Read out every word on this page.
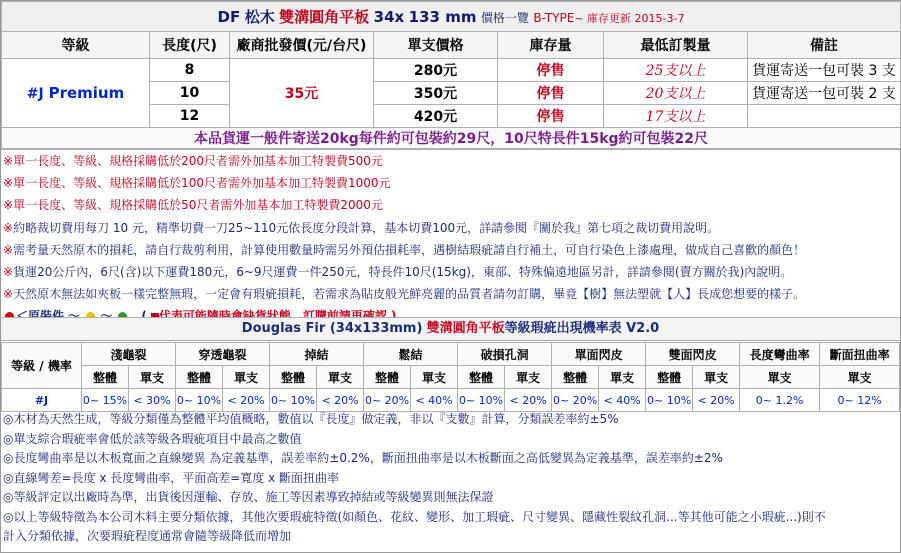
DF 松木 雙溝圓角平板 34x 133 mm 價格一覽 B-TYPE~ 庫存更新 2015-3-7						
等級	長度(尺)	廠商批發價(元/台尺)	單支價格	庫存量	最低訂製量	備註
#J Premium	8	35元	280元	停售	25支以上	貨運寄送一包可裝 3 支
	10		350元	停售	20支以上	貨運寄送一包可裝 2 支
	12		420元	停售	17支以上	
本品貨運一般件寄送20kg每件約可包裝約29尺，10尺特長件15kg約可包裝22尺						
※單一長度、等級、規格採購低於200尺者需外加基本加工特製費500元
※單一長度、等級、規格採購低於100尺者需外加基本加工特製費1000元
※單一長度、等級、規格採購低於50尺者需外加基本加工特製費2000元
※約略裁切費用每刀 10 元，精準切費一刀25~110元依長度分段計算，基本切費100元，詳請參閱『關於我』第七項之裁切費用說明。
※需考量天然原木的損耗，請自行裁剪利用，計算使用數量時需另外預估損耗率，遇樹結瑕疵請自行補土，可自行染色上漆處理，做成自己喜歡的顏色！
※貨運20公斤內，6尺(含)以下運費180元，6~9尺運費一件250元，特長件10尺(15kg)，東部、特殊偏遠地區另計，詳請參閱(賣方關於我)內說明。
※天然原木無法如夾板一樣完整無瑕，一定會有瑕疵損耗，若需求為貼皮般光鮮亮麗的品質者請勿訂購，畢竟【樹】無法塑就【人】長成您想要的樣子。

Douglas Fir (34x133mm) 雙溝圓角平板等級瑕疵出現機率表 V2.0
等級 / 機率	淺龜裂		穿透龜裂		掉結		鬆結		破損孔洞		單面閃皮		雙面閃皮		長度彎曲率	斷面扭曲率
	整體	單支	整體	單支	整體	單支	整體	單支	整體	單支	整體	單支	整體	單支	單支	單支
#J	0~ 15%	< 30%	0~ 10%	< 20%	0~ 10%	< 20%	0~ 20%	< 40%	0~ 10%	< 20%	0~ 20%	< 40%	0~ 10%	< 20%	0~ 1.2%	0~ 12%
◎木材為天然生成，等級分類僅為整體平均值概略，數值以『長度』做定義，非以『支數』計算，分類誤差率約±5%
◎單支綜合瑕疵率會低於該等級各瑕疵項目中最高之數值
◎長度彎曲率是以木板寬面之直線變異 為定義基準，誤差率約±0.2%，斷面扭曲率是以木板斷面之高低變異為定義基準，誤差率約±2%
◎直線彎差=長度 x 長度彎曲率，平面高差=寬度 x 斷面扭曲率
◎等級評定以出廠時為準，出貨後因運輸、存放、施工等因素導致掉結或等級變異則無法保證
◎以上等級特徵為本公司木料主要分類依據，其他次要瑕疵特徵(如顏色、花紋、變形、加工瑕疵、尺寸變異、隱藏性裂紋孔洞...等其他可能之小瑕疵...)則不
計入分類依據，次要瑕疵程度通常會隨等級降低而增加
